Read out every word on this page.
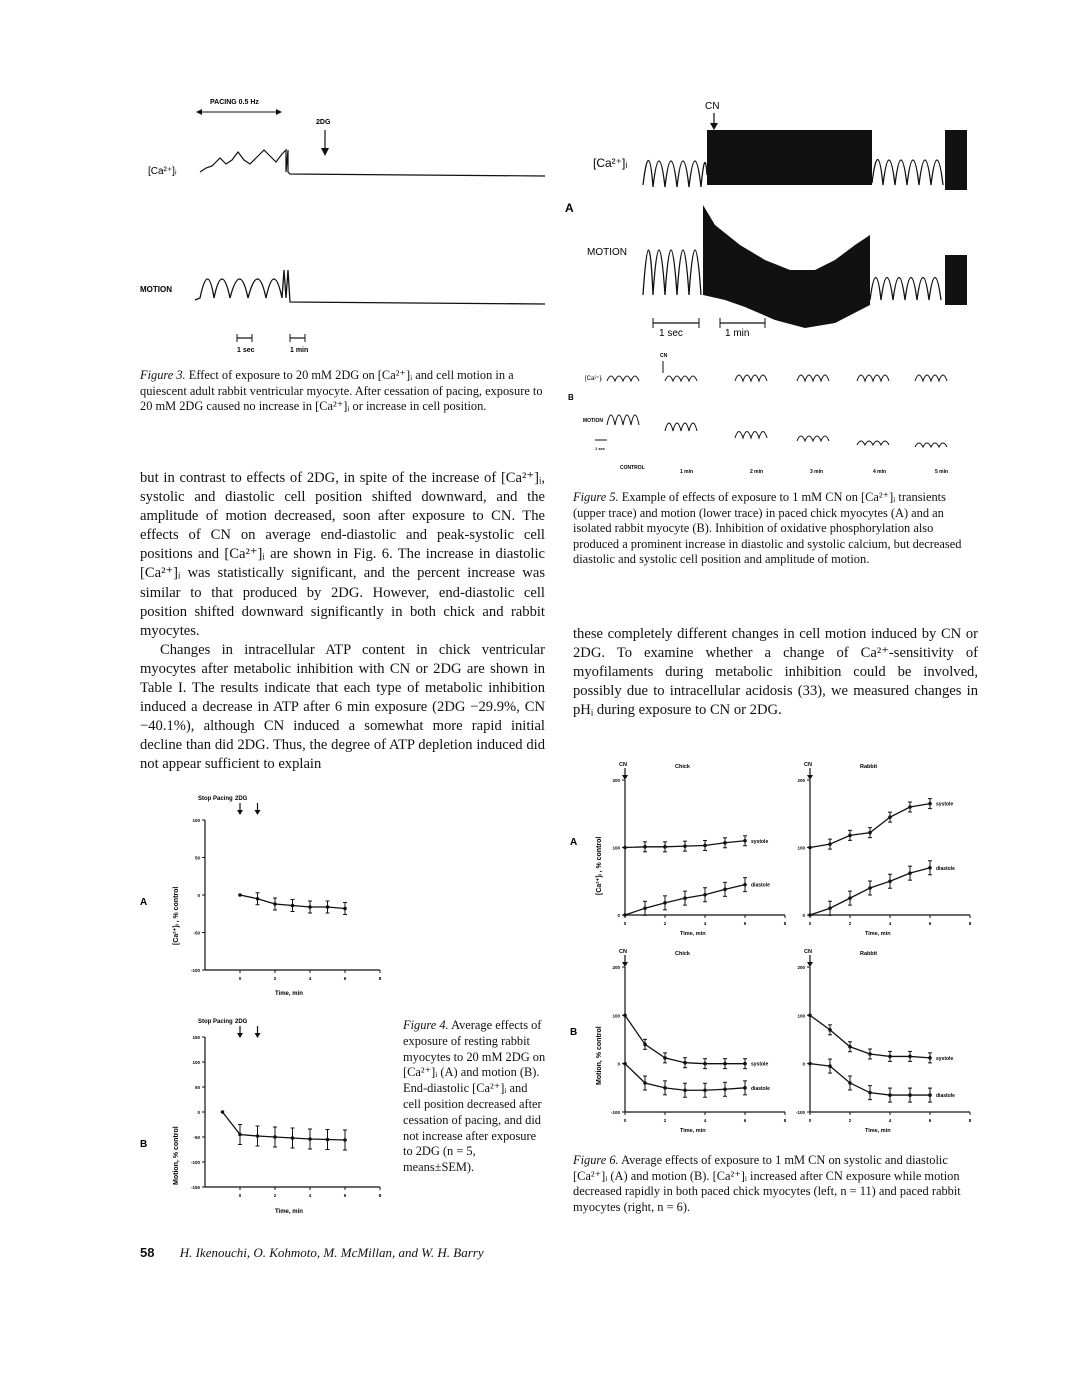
PACING 0.5 Hz
2DG
[Ca²⁺]ᵢ
MOTION
1 sec	1 min
Figure 3. Effect of exposure to 20 mM 2DG on [Ca²⁺]ᵢ and cell motion in a quiescent adult rabbit ventricular myocyte. After cessation of pacing, exposure to 20 mM 2DG caused no increase in [Ca²⁺]ᵢ or increase in cell position.
CN
[Ca²⁺]ᵢ
A
MOTION
1 sec	1 min
CN
[Ca²⁺]ᵢ
B
MOTION
1 sec
CONTROL
1 min	2 min	3 min	4 min	5 min
Figure 5. Example of effects of exposure to 1 mM CN on [Ca²⁺]ᵢ transients (upper trace) and motion (lower trace) in paced chick myocytes (A) and an isolated rabbit myocyte (B). Inhibition of oxidative phosphorylation also produced a prominent increase in diastolic and systolic calcium, but decreased diastolic and systolic cell position and amplitude of motion.

but in contrast to effects of 2DG, in spite of the increase of [Ca²⁺]ᵢ, systolic and diastolic cell position shifted downward, and the amplitude of motion decreased, soon after exposure to CN. The effects of CN on average end-diastolic and peak-systolic cell positions and [Ca²⁺]ᵢ are shown in Fig. 6. The increase in diastolic [Ca²⁺]ᵢ was statistically significant, and the percent increase was similar to that produced by 2DG. However, end-diastolic cell position shifted downward significantly in both chick and rabbit myocytes.

Changes in intracellular ATP content in chick ventricular myocytes after metabolic inhibition with CN or 2DG are shown in Table I. The results indicate that each type of metabolic inhibition induced a decrease in ATP after 6 min exposure (2DG −29.9%, CN −40.1%), although CN induced a somewhat more rapid initial decline than did 2DG. Thus, the degree of ATP depletion induced did not appear sufficient to explain

these completely different changes in cell motion induced by CN or 2DG. To examine whether a change of Ca²⁺-sensitivity of myofilaments during metabolic inhibition could be involved, possibly due to intracellular acidosis (33), we measured changes in pHᵢ during exposure to CN or 2DG.

A
B
Stop Pacing 2DG
Stop Pacing 2DG
[Ca²⁺]ᵢ , % control
Motion, % control
Time, min
Time, min
100
50
0
-50
-100
0	2	4	6	8
150
100
50
0
-50
-100
-150
0	2	4	6	8
Figure 4. Average effects of exposure of resting rabbit myocytes to 20 mM 2DG on [Ca²⁺]ᵢ (A) and motion (B). End-diastolic [Ca²⁺]ᵢ and cell position decreased after cessation of pacing, and did not increase after exposure to 2DG (n = 5, means±SEM).
A
B
[Ca²⁺]ᵢ , % control
Motion, % control
200
100
0
0	2	4	6	8
systole
diastole
200
100
0
0	2	4	6	8
systole
diastole
200
100
0
-100
0	2	4	6	8
systole
diastole
200
100
0
-100
0	2	4	6	8
systole
diastole
Chick
CN
Time, min
Rabbit
CN
Time, min
Chick
CN
Time, min
Rabbit
CN
Time, min
Figure 6. Average effects of exposure to 1 mM CN on systolic and diastolic [Ca²⁺]ᵢ (A) and motion (B). [Ca²⁺]ᵢ increased after CN exposure while motion decreased rapidly in both paced chick myocytes (left, n = 11) and paced rabbit myocytes (right, n = 6).
58 H. Ikenouchi, O. Kohmoto, M. McMillan, and W. H. Barry
